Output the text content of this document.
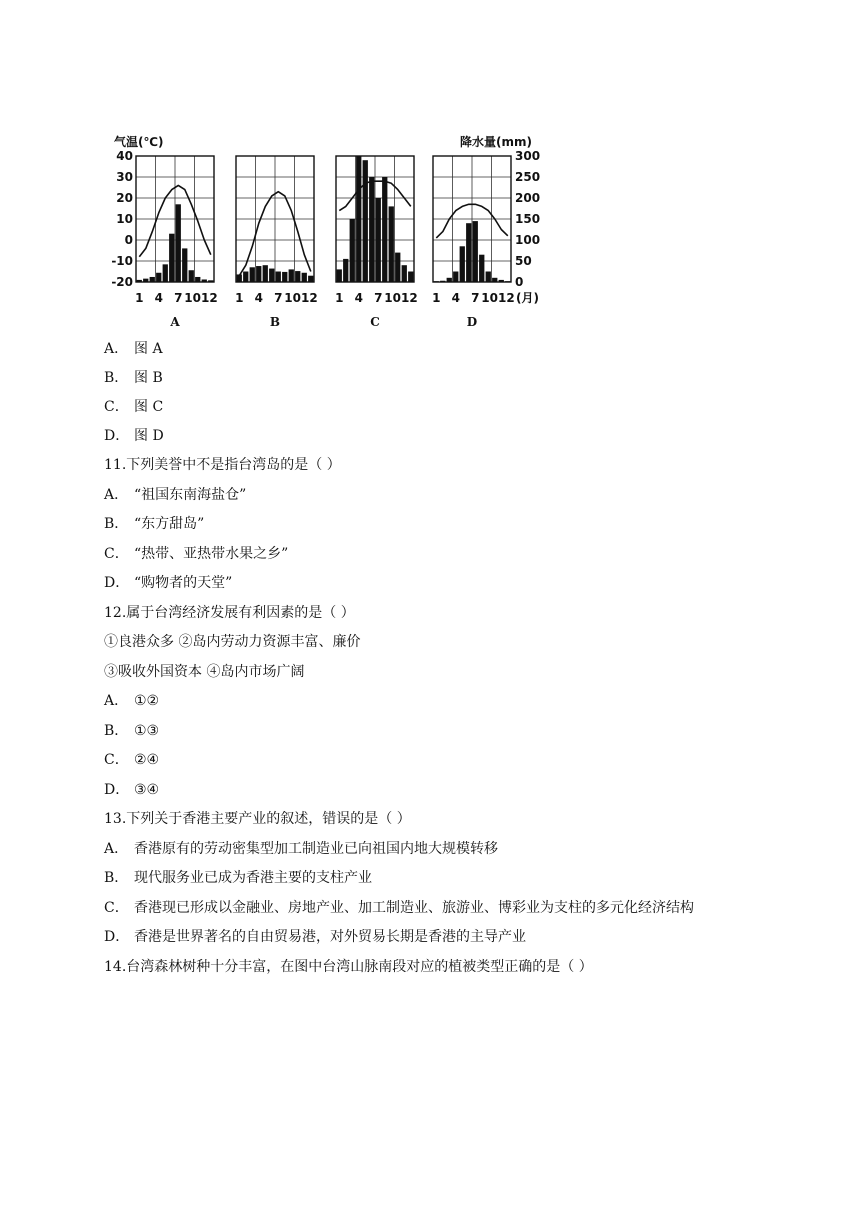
气温(℃)	降水量(mm)
(月)
40
30
20
10
0
-10
-20
300
250
200
150
100
50
0
1 4 7 1012
A
1 4 7 1012
B
1 4 7 1012
C
1 4 7 1012
D
A． 图 A
B． 图 B
C． 图 C
D． 图 D
11.下列美誉中不是指台湾岛的是（ ）
A． “祖国东南海盐仓”
B． “东方甜岛”
C． “热带、亚热带水果之乡”
D． “购物者的天堂”
12.属于台湾经济发展有利因素的是（ ）
①良港众多 ②岛内劳动力资源丰富、廉价
③吸收外国资本 ④岛内市场广阔
A． ①②
B． ①③
C． ②④
D． ③④
13.下列关于香港主要产业的叙述，错误的是（ ）
A． 香港原有的劳动密集型加工制造业已向祖国内地大规模转移
B． 现代服务业已成为香港主要的支柱产业
C． 香港现已形成以金融业、房地产业、加工制造业、旅游业、博彩业为支柱的多元化经济结构
D． 香港是世界著名的自由贸易港，对外贸易长期是香港的主导产业
14.台湾森林树种十分丰富，在图中台湾山脉南段对应的植被类型正确的是（ ）
